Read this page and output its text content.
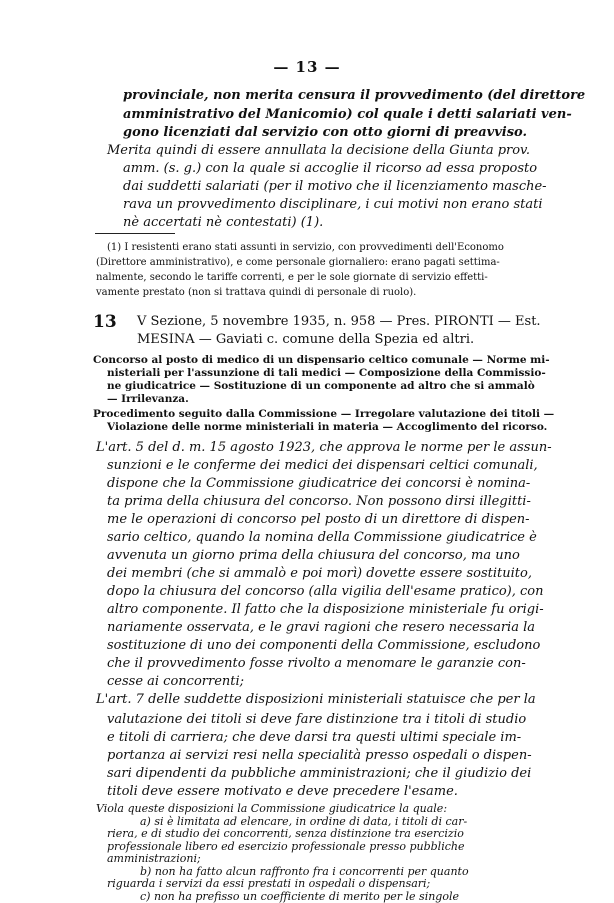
— 13 —
provinciale, non merita censura il provvedimento (del direttore
amministrativo del Manicomio) col quale i detti salariati ven-
gono licenziati dal servizio con otto giorni di preavviso.
Merita quindi di essere annullata la decisione della Giunta prov.
amm. (s. g.) con la quale si accoglie il ricorso ad essa proposto
dai suddetti salariati (per il motivo che il licenziamento masche-
rava un provvedimento disciplinare, i cui motivi non erano stati
nè accertati nè contestati) (1).
(1) I resistenti erano stati assunti in servizio, con provvedimenti dell'Economo
(Direttore amministrativo), e come personale giornaliero: erano pagati settima-
nalmente, secondo le tariffe correnti, e per le sole giornate di servizio effetti-
vamente prestato (non si trattava quindi di personale di ruolo).
13 V Sezione, 5 novembre 1935, n. 958 — Pres. PIRONTI — Est.
MESINA — Gaviati c. comune della Spezia ed altri.
Concorso al posto di medico di un dispensario celtico comunale — Norme mi-
nisteriali per l'assunzione di tali medici — Composizione della Commissio-
ne giudicatrice — Sostituzione di un componente ad altro che si ammalò
— Irrilevanza.
Procedimento seguito dalla Commissione — Irregolare valutazione dei titoli —
Violazione delle norme ministeriali in materia — Accoglimento del ricorso.
L'art. 5 del d. m. 15 agosto 1923, che approva le norme per le assun-
sunzioni e le conferme dei medici dei dispensari celtici comunali,
dispone che la Commissione giudicatrice dei concorsi è nomina-
ta prima della chiusura del concorso. Non possono dirsi illegitti-
me le operazioni di concorso pel posto di un direttore di dispen-
sario celtico, quando la nomina della Commissione giudicatrice è
avvenuta un giorno prima della chiusura del concorso, ma uno
dei membri (che si ammalò e poi morì) dovette essere sostituito,
dopo la chiusura del concorso (alla vigilia dell'esame pratico), con
altro componente. Il fatto che la disposizione ministeriale fu origi-
nariamente osservata, e le gravi ragioni che resero necessaria la
sostituzione di uno dei componenti della Commissione, escludono
che il provvedimento fosse rivolto a menomare le garanzie con-
cesse ai concorrenti;
L'art. 7 delle suddette disposizioni ministeriali statuisce che per la
valutazione dei titoli si deve fare distinzione tra i titoli di studio
e titoli di carriera; che deve darsi tra questi ultimi speciale im-
portanza ai servizi resi nella specialità presso ospedali o dispen-
sari dipendenti da pubbliche amministrazioni; che il giudizio dei
titoli deve essere motivato e deve precedere l'esame.
Viola queste disposizioni la Commissione giudicatrice la quale:
a) si è limitata ad elencare, in ordine di data, i titoli di car-
riera, e di studio dei concorrenti, senza distinzione tra esercizio
professionale libero ed esercizio professionale presso pubbliche
amministrazioni;
b) non ha fatto alcun raffronto fra i concorrenti per quanto
riguarda i servizi da essi prestati in ospedali o dispensari;
c) non ha prefisso un coefficiente di merito per le singole
